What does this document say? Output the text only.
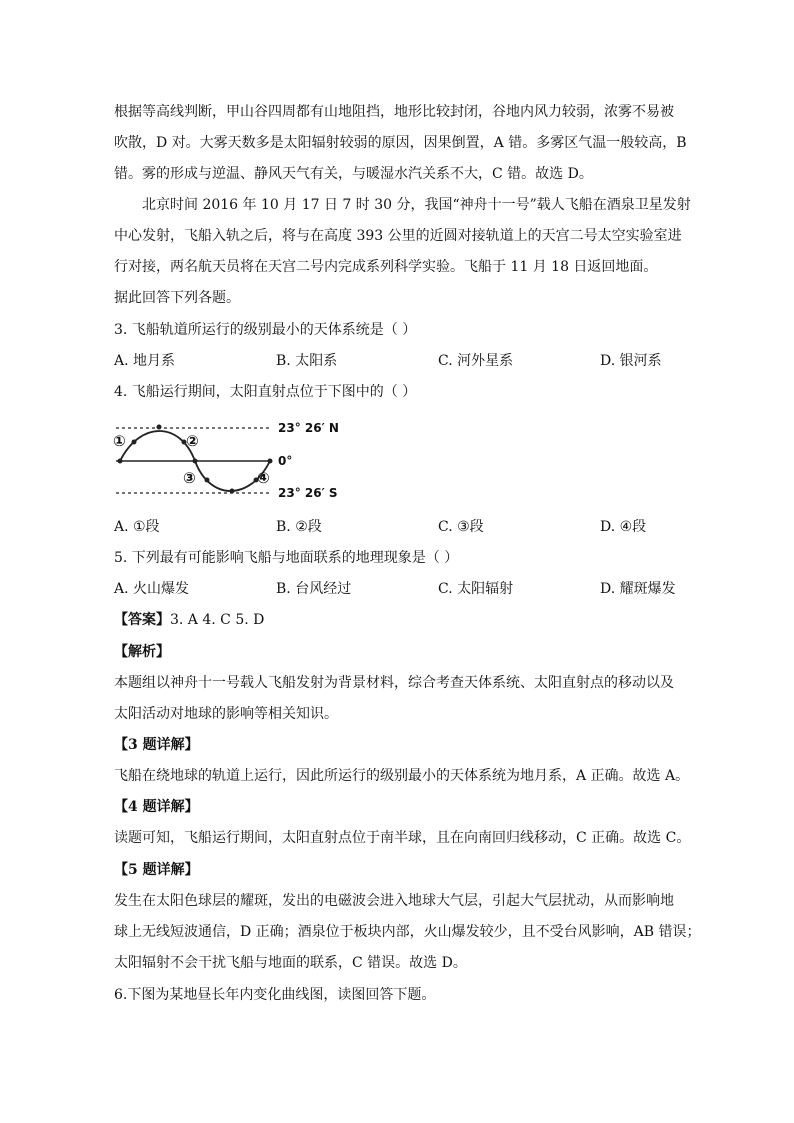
根据等高线判断，甲山谷四周都有山地阻挡，地形比较封闭，谷地内风力较弱，浓雾不易被
吹散，D 对。大雾天数多是太阳辐射较弱的原因，因果倒置，A 错。多雾区气温一般较高，B
错。雾的形成与逆温、静风天气有关，与暖湿水汽关系不大，C 错。故选 D。
北京时间 2016 年 10 月 17 日 7 时 30 分，我国“神舟十一号”载人飞船在酒泉卫星发射
中心发射，飞船入轨之后，将与在高度 393 公里的近圆对接轨道上的天宫二号太空实验室进
行对接，两名航天员将在天宫二号内完成系列科学实验。飞船于 11 月 18 日返回地面。
据此回答下列各题。
3. 飞船轨道所运行的级别最小的天体系统是（ ）
A. 地月系	B. 太阳系	C. 河外星系	D. 银河系
4. 飞船运行期间，太阳直射点位于下图中的（ ）
①	②
③	④
23° 26′ N
0°
23° 26′ S
A. ①段	B. ②段	C. ③段	D. ④段
5. 下列最有可能影响飞船与地面联系的地理现象是（ ）
A. 火山爆发	B. 台风经过	C. 太阳辐射	D. 耀斑爆发
【答案】3. A 4. C 5. D
【解析】
本题组以神舟十一号载人飞船发射为背景材料，综合考查天体系统、太阳直射点的移动以及
太阳活动对地球的影响等相关知识。
【3 题详解】
飞船在绕地球的轨道上运行，因此所运行的级别最小的天体系统为地月系，A 正确。故选 A。
【4 题详解】
读题可知，飞船运行期间，太阳直射点位于南半球，且在向南回归线移动，C 正确。故选 C。
【5 题详解】
发生在太阳色球层的耀斑，发出的电磁波会进入地球大气层，引起大气层扰动，从而影响地
球上无线短波通信，D 正确；酒泉位于板块内部，火山爆发较少，且不受台风影响，AB 错误；
太阳辐射不会干扰飞船与地面的联系，C 错误。故选 D。
6.下图为某地昼长年内变化曲线图，读图回答下题。
